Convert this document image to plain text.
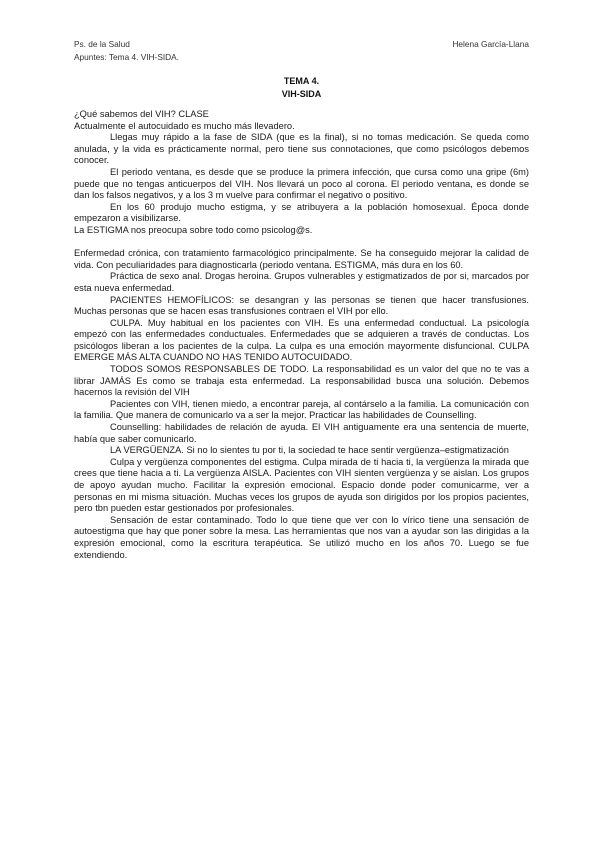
Ps. de la Salud
Apuntes: Tema 4. VIH-SIDA.
Helena García-Llana
TEMA 4.
VIH-SIDA

¿Qué sabemos del VIH? CLASE

Actualmente el autocuidado es mucho más llevadero.

Llegas muy rápido a la fase de SIDA (que es la final), si no tomas medicación. Se queda como anulada, y la vida es prácticamente normal, pero tiene sus connotaciones, que como psicólogos debemos conocer.

El periodo ventana, es desde que se produce la primera infección, que cursa como una gripe (6m) puede que no tengas anticuerpos del VIH. Nos llevará un poco al corona. El periodo ventana, es donde se dan los falsos negativos, y a los 3 m vuelve para confirmar el negativo o positivo.

En los 60 produjo mucho estigma, y se atribuyera a la población homosexual. Época donde empezaron a visibilizarse.

La ESTIGMA nos preocupa sobre todo como psicolog@s.

Enfermedad crónica, con tratamiento farmacológico principalmente. Se ha conseguido mejorar la calidad de vida. Con peculiaridades para diagnosticarla (periodo ventana. ESTIGMA, más dura en los 60.

Práctica de sexo anal. Drogas heroina. Grupos vulnerables y estigmatizados de por si, marcados por esta nueva enfermedad.

PACIENTES HEMOFÍLICOS: se desangran y las personas se tienen que hacer transfusiones. Muchas personas que se hacen esas transfusiones contraen el VIH por ello.

CULPA. Muy habitual en los pacientes con VIH. Es una enfermedad conductual. La psicología empezó con las enfermedades conductuales. Enfermedades que se adquieren a través de conductas. Los psicólogos liberan a los pacientes de la culpa. La culpa es una emoción mayormente disfuncional. CULPA EMERGE MÁS ALTA CUANDO NO HAS TENIDO AUTOCUIDADO.

TODOS SOMOS RESPONSABLES DE TODO. La responsabilidad es un valor del que no te vas a librar JAMÁS Es como se trabaja esta enfermedad. La responsabilidad busca una solución. Debemos hacernos la revisión del VIH

Pacientes con VIH, tienen miedo, a encontrar pareja, al contárselo a la familia. La comunicación con la familia. Que manera de comunicarlo va a ser la mejor. Practicar las habilidades de Counselling.

Counselling: habilidades de relación de ayuda. El VIH antiguamente era una sentencia de muerte, había que saber comunicarlo.

LA VERGÜENZA. Si no lo sientes tu por ti, la sociedad te hace sentir vergüenza–estigmatización

Culpa y vergüenza componentes del estigma. Culpa mirada de ti hacia ti, la vergüenza la mirada que crees que tiene hacia a ti. La vergüenza AISLA. Pacientes con VIH sienten vergüenza y se aislan. Los grupos de apoyo ayudan mucho. Facilitar la expresión emocional. Espacio donde poder comunicarme, ver a personas en mi misma situación. Muchas veces los grupos de ayuda son dirigidos por los propios pacientes, pero tbn pueden estar gestionados por profesionales.

Sensación de estar contaminado. Todo lo que tiene que ver con lo vírico tiene una sensación de autoestigma que hay que poner sobre la mesa. Las herramientas que nos van a ayudar son las dirigidas a la expresión emocional, como la escritura terapéutica. Se utilizó mucho en los años 70. Luego se fue extendiendo.
